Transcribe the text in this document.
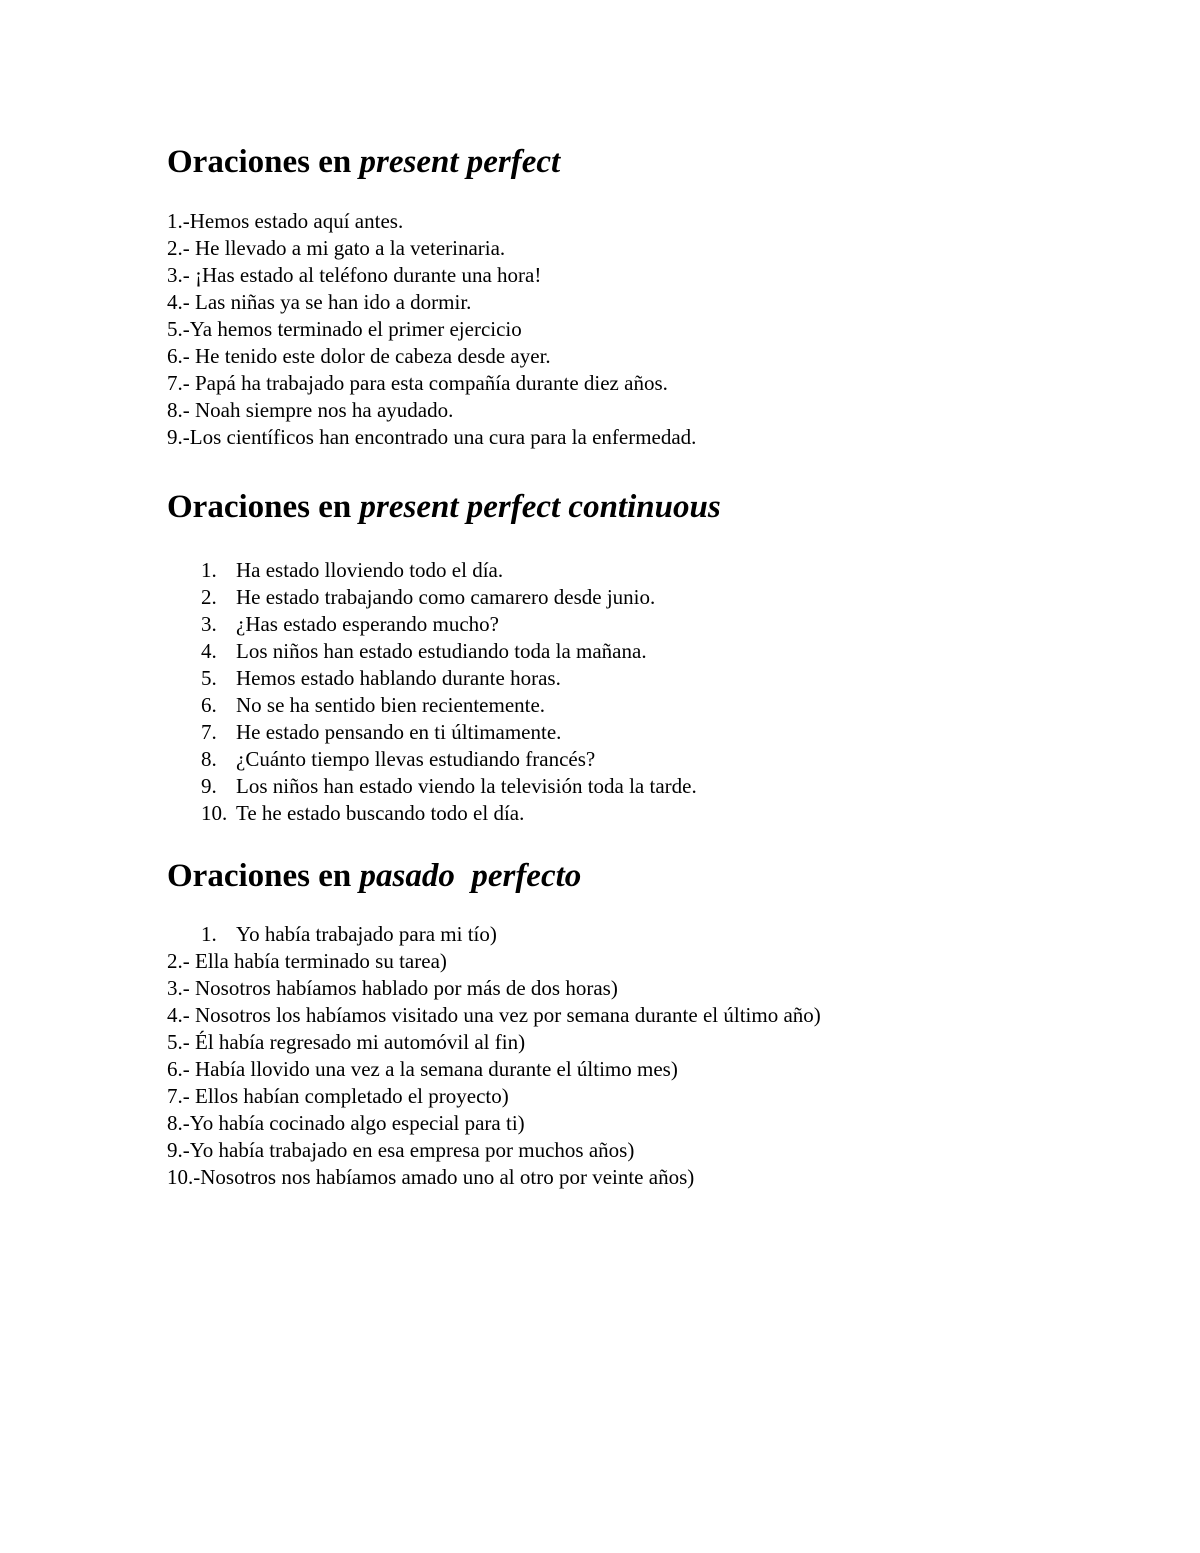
Oraciones en present perfect

1.-Hemos estado aquí antes.

2.- He llevado a mi gato a la veterinaria.

3.- ¡Has estado al teléfono durante una hora!

4.- Las niñas ya se han ido a dormir.

5.-Ya hemos terminado el primer ejercicio

6.- He tenido este dolor de cabeza desde ayer.

7.- Papá ha trabajado para esta compañía durante diez años.

8.- Noah siempre nos ha ayudado.

9.-Los científicos han encontrado una cura para la enfermedad.

Oraciones en present perfect continuous
1. Ha estado lloviendo todo el día.
2. He estado trabajando como camarero desde junio.
3. ¿Has estado esperando mucho?
4. Los niños han estado estudiando toda la mañana.
5. Hemos estado hablando durante horas.
6. No se ha sentido bien recientemente.
7. He estado pensando en ti últimamente.
8. ¿Cuánto tiempo llevas estudiando francés?
9. Los niños han estado viendo la televisión toda la tarde.
10. Te he estado buscando todo el día.
Oraciones en pasado  perfecto
1. Yo había trabajado para mi tío)

2.- Ella había terminado su tarea)

3.- Nosotros habíamos hablado por más de dos horas)

4.- Nosotros los habíamos visitado una vez por semana durante el último año)

5.- Él había regresado mi automóvil al fin)

6.- Había llovido una vez a la semana durante el último mes)

7.- Ellos habían completado el proyecto)

8.-Yo había cocinado algo especial para ti)

9.-Yo había trabajado en esa empresa por muchos años)

10.-Nosotros nos habíamos amado uno al otro por veinte años)
